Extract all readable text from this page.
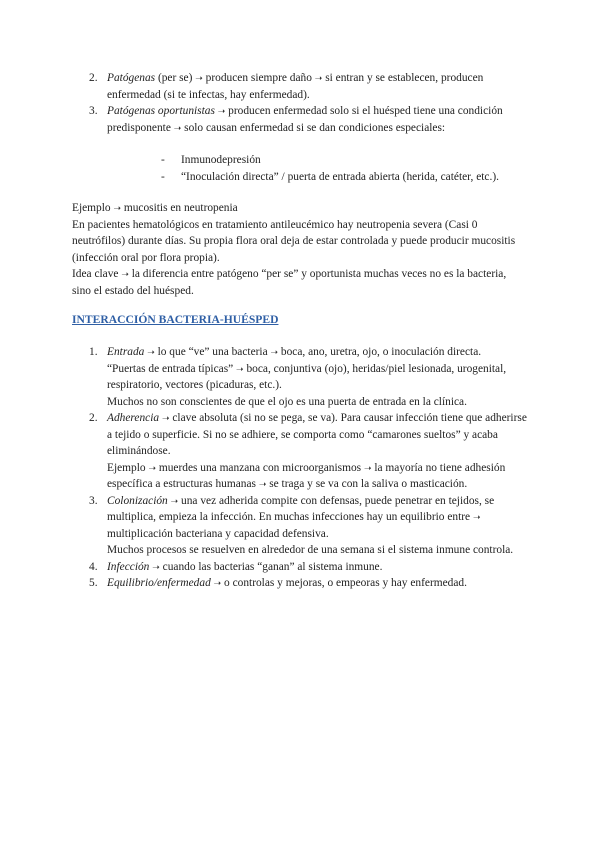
2. Patógenas (per se) ➝ producen siempre daño ➝ si entran y se establecen, producen enfermedad (si te infectas, hay enfermedad).
3. Patógenas oportunistas ➝ producen enfermedad solo si el huésped tiene una condición predisponente ➝ solo causan enfermedad si se dan condiciones especiales:
- Inmunodepresión
- “Inoculación directa” / puerta de entrada abierta (herida, catéter, etc.).

Ejemplo ➝ mucositis en neutropenia

En pacientes hematológicos en tratamiento antileucémico hay neutropenia severa (Casi 0 neutrófilos) durante días. Su propia flora oral deja de estar controlada y puede producir mucositis (infección oral por flora propia).

Idea clave ➝ la diferencia entre patógeno “per se” y oportunista muchas veces no es la bacteria, sino el estado del huésped.

INTERACCIÓN BACTERIA-HUÉSPED
1. Entrada ➝ lo que “ve” una bacteria ➝ boca, ano, uretra, ojo, o inoculación directa.
“Puertas de entrada típicas” ➝ boca, conjuntiva (ojo), heridas/piel lesionada, urogenital, respiratorio, vectores (picaduras, etc.).
Muchos no son conscientes de que el ojo es una puerta de entrada en la clínica.
2. Adherencia ➝ clave absoluta (si no se pega, se va). Para causar infección tiene que adherirse a tejido o superficie. Si no se adhiere, se comporta como “camarones sueltos” y acaba eliminándose.
Ejemplo ➝ muerdes una manzana con microorganismos ➝ la mayoría no tiene adhesión específica a estructuras humanas ➝ se traga y se va con la saliva o masticación.
3. Colonización ➝ una vez adherida compite con defensas, puede penetrar en tejidos, se multiplica, empieza la infección. En muchas infecciones hay un equilibrio entre ➝ multiplicación bacteriana y capacidad defensiva.
Muchos procesos se resuelven en alrededor de una semana si el sistema inmune controla.
4. Infección ➝ cuando las bacterias “ganan” al sistema inmune.
5. Equilibrio/enfermedad ➝ o controlas y mejoras, o empeoras y hay enfermedad.
